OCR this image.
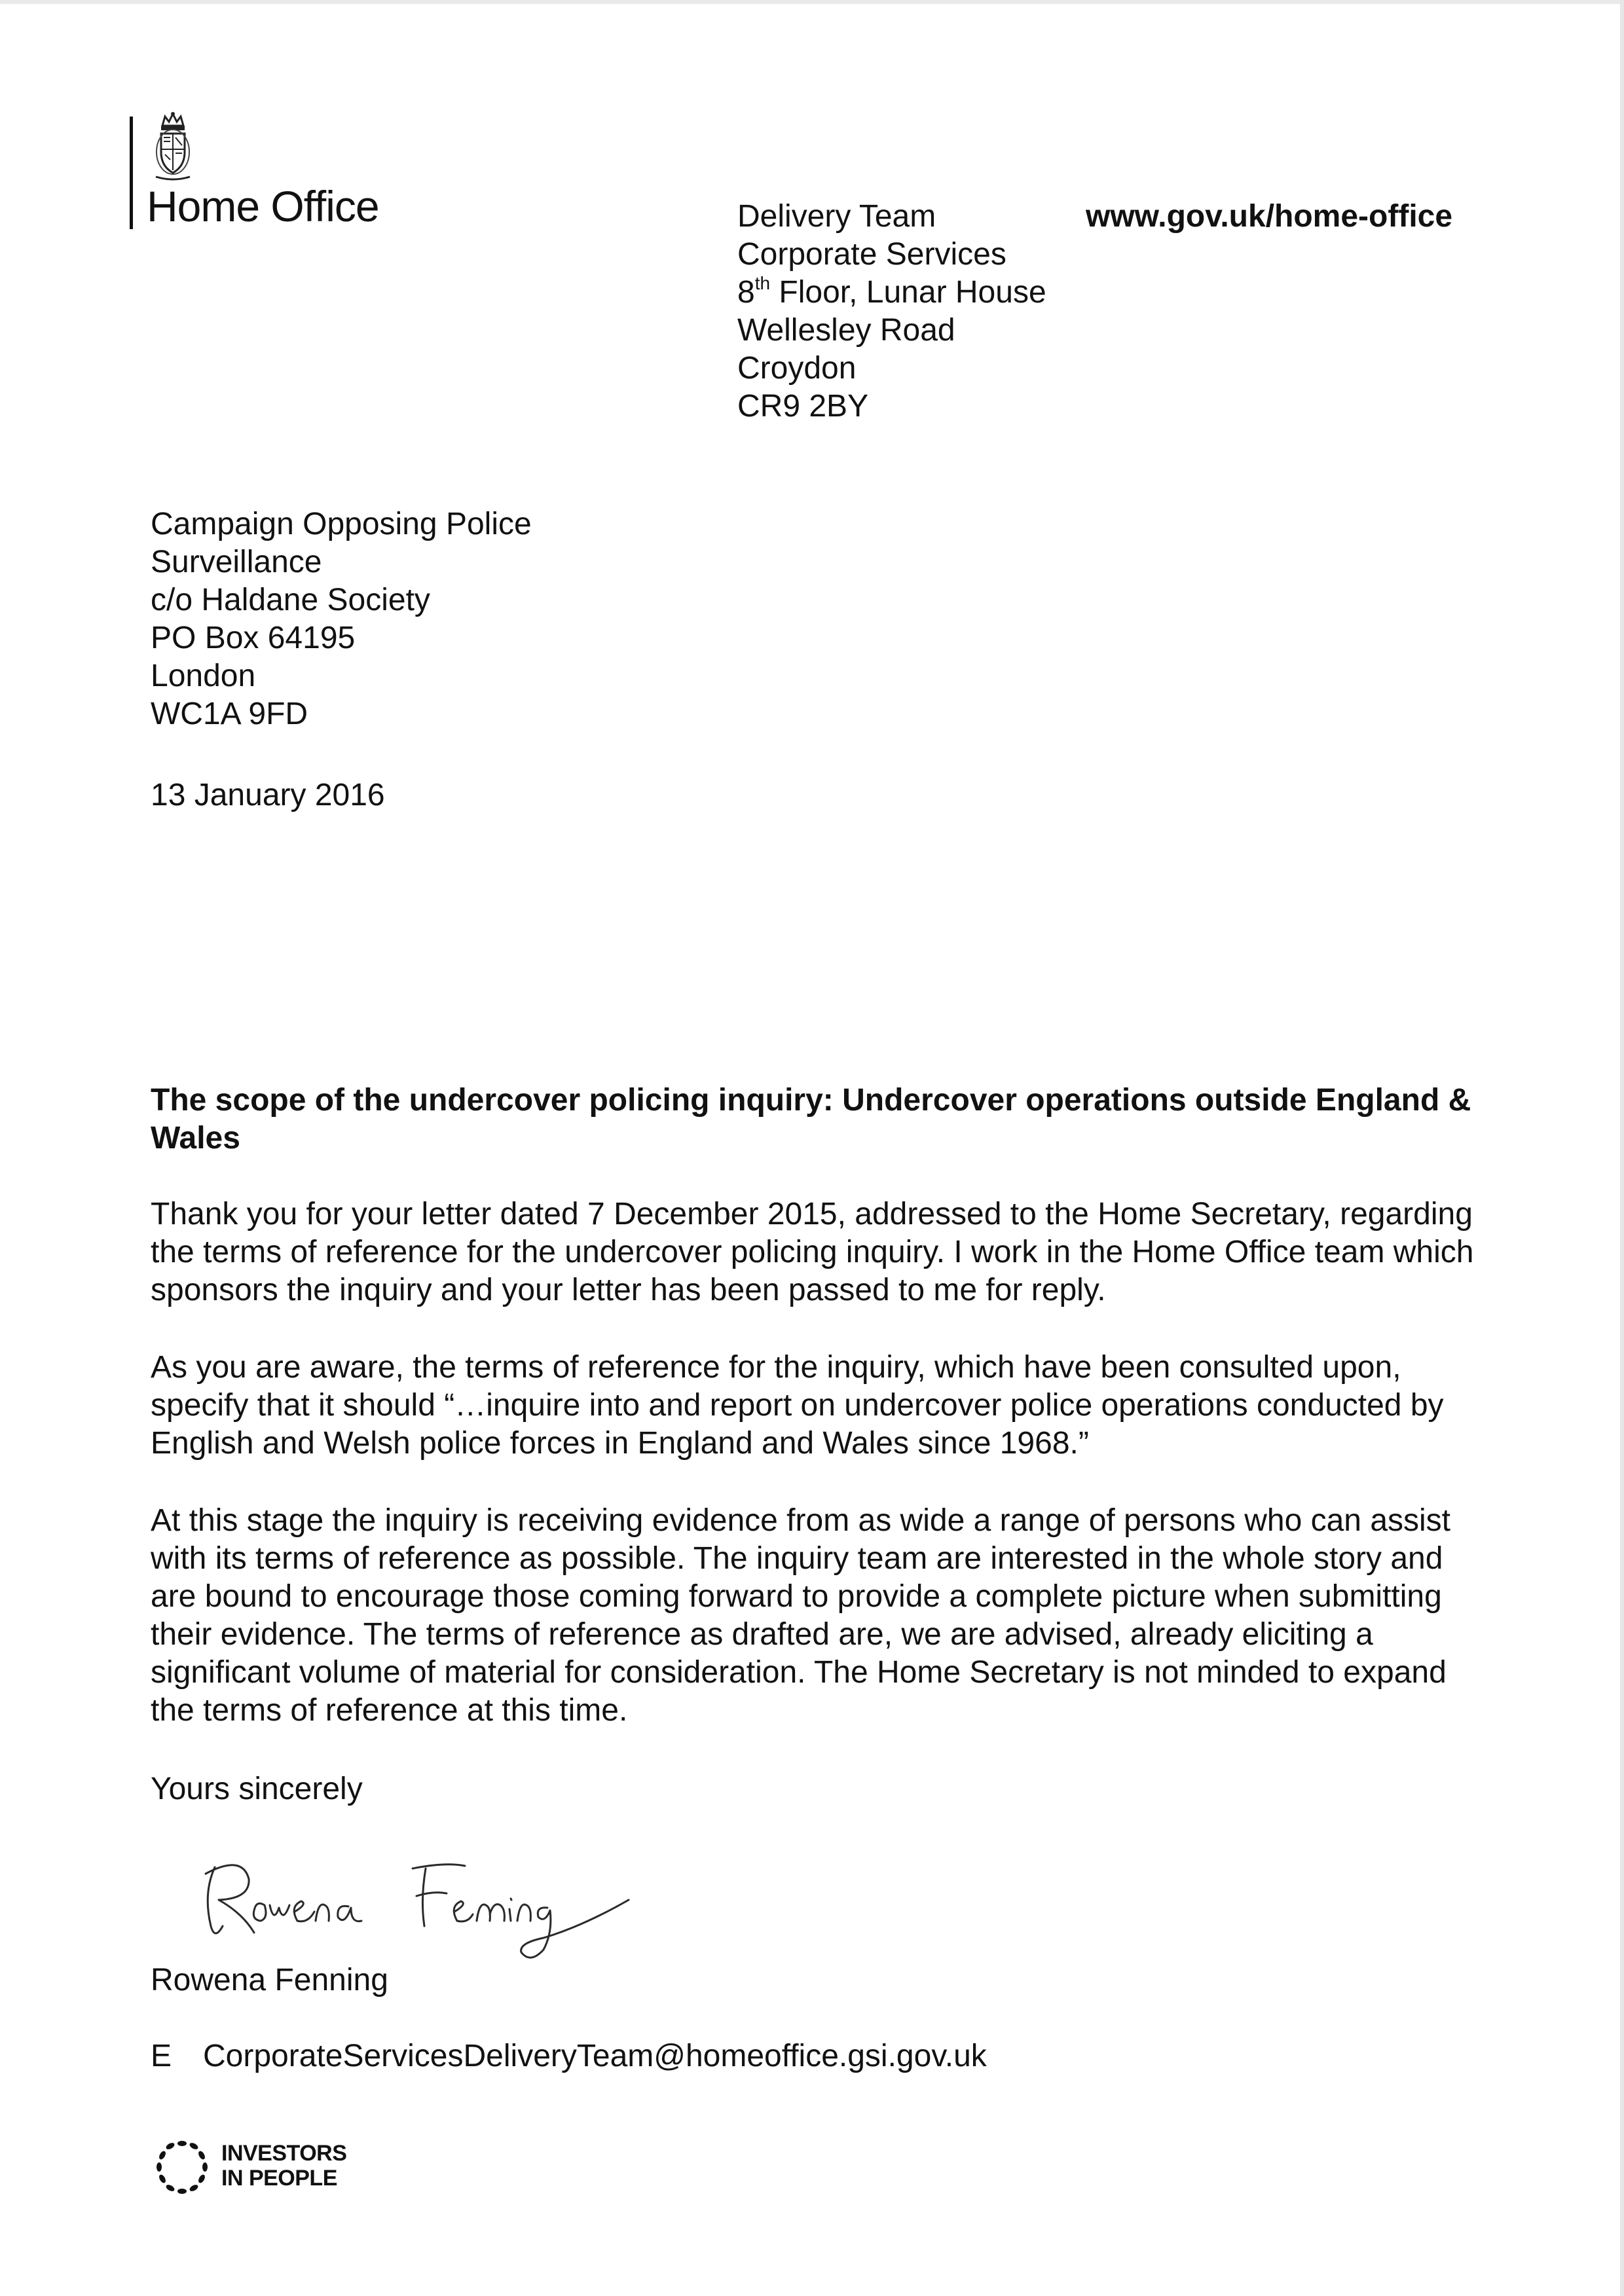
Home Office	Delivery Team
Corporate Services
8th Floor, Lunar House
Wellesley Road
Croydon
CR9 2BY
www.gov.uk/home-office
Campaign Opposing Police
Surveillance
c/o Haldane Society
PO Box 64195
London
WC1A 9FD
13 January 2016
The scope of the undercover policing inquiry: Undercover operations outside England & Wales
Thank you for your letter dated 7 December 2015, addressed to the Home Secretary, regarding the terms of reference for the undercover policing inquiry. I work in the Home Office team which sponsors the inquiry and your letter has been passed to me for reply.
As you are aware, the terms of reference for the inquiry, which have been consulted upon, specify that it should “…inquire into and report on undercover police operations conducted by English and Welsh police forces in England and Wales since 1968.”
At this stage the inquiry is receiving evidence from as wide a range of persons who can assist with its terms of reference as possible. The inquiry team are interested in the whole story and are bound to encourage those coming forward to provide a complete picture when submitting their evidence. The terms of reference as drafted are, we are advised, already eliciting a significant volume of material for consideration. The Home Secretary is not minded to expand the terms of reference at this time.
Yours sincerely
Rowena Fenning
E CorporateServicesDeliveryTeam@homeoffice.gsi.gov.uk
INVESTORS
IN PEOPLE
